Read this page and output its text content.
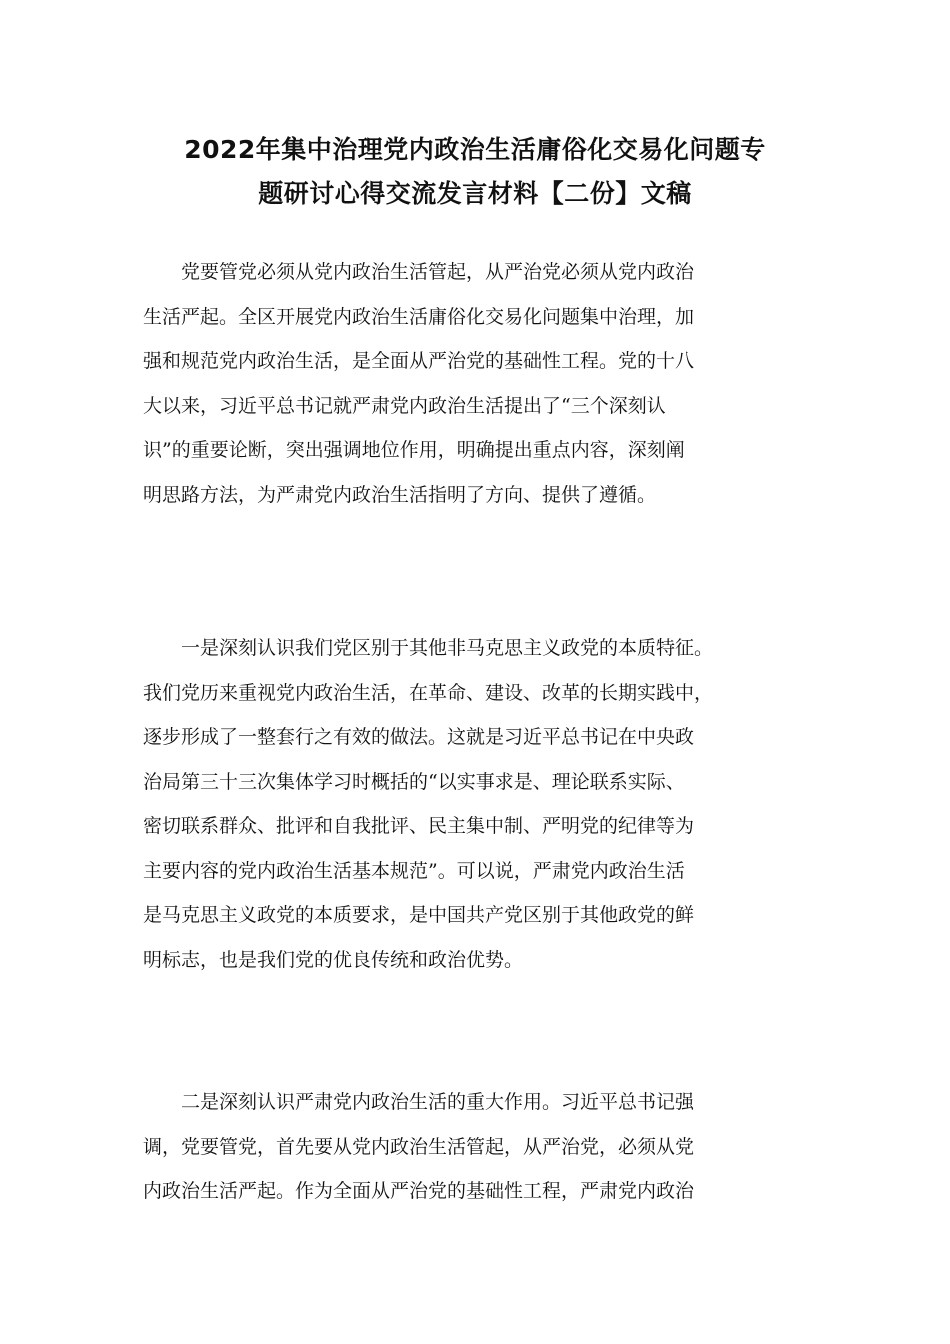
2022年集中治理党内政治生活庸俗化交易化问题专
题研讨心得交流发言材料【二份】文稿
党要管党必须从党内政治生活管起，从严治党必须从党内政治
生活严起。全区开展党内政治生活庸俗化交易化问题集中治理，加
强和规范党内政治生活，是全面从严治党的基础性工程。党的十八
大以来，习近平总书记就严肃党内政治生活提出了“三个深刻认
识”的重要论断，突出强调地位作用，明确提出重点内容，深刻阐
明思路方法，为严肃党内政治生活指明了方向、提供了遵循。
一是深刻认识我们党区别于其他非马克思主义政党的本质特征。
我们党历来重视党内政治生活，在革命、建设、改革的长期实践中，
逐步形成了一整套行之有效的做法。这就是习近平总书记在中央政
治局第三十三次集体学习时概括的“以实事求是、理论联系实际、
密切联系群众、批评和自我批评、民主集中制、严明党的纪律等为
主要内容的党内政治生活基本规范”。可以说，严肃党内政治生活
是马克思主义政党的本质要求，是中国共产党区别于其他政党的鲜
明标志，也是我们党的优良传统和政治优势。
二是深刻认识严肃党内政治生活的重大作用。习近平总书记强
调，党要管党，首先要从党内政治生活管起，从严治党，必须从党
内政治生活严起。作为全面从严治党的基础性工程，严肃党内政治
